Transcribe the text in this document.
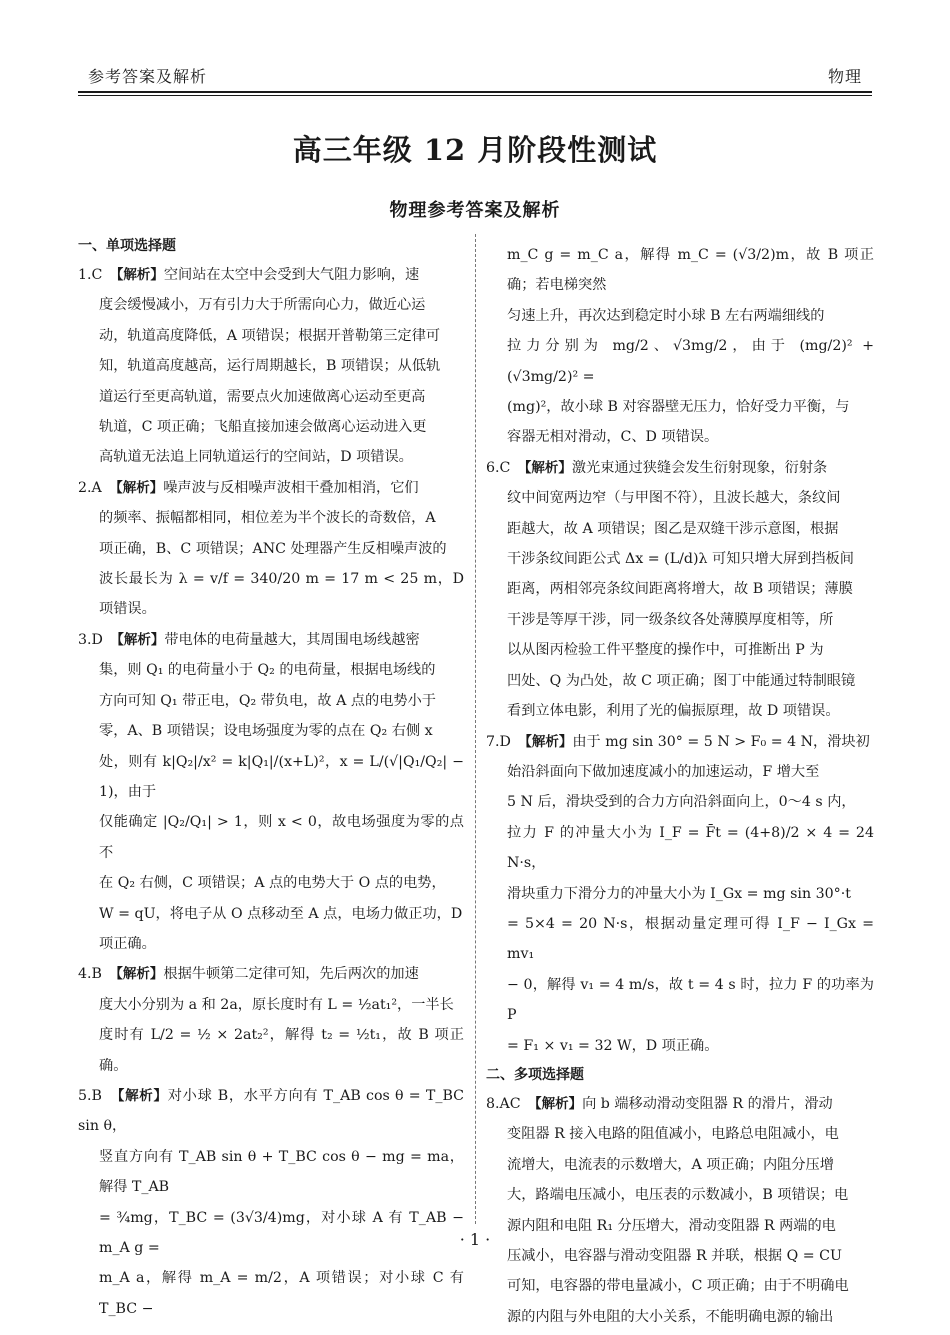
参考答案及解析	物理
高三年级 12 月阶段性测试
物理参考答案及解析
一、单项选择题

1.C　【解析】空间站在太空中会受到大气阻力影响，速

度会缓慢减小，万有引力大于所需向心力，做近心运

动，轨道高度降低，A 项错误；根据开普勒第三定律可

知，轨道高度越高，运行周期越长，B 项错误；从低轨

道运行至更高轨道，需要点火加速做离心运动至更高

轨道，C 项正确；飞船直接加速会做离心运动进入更

高轨道无法追上同轨道运行的空间站，D 项错误。

2.A　【解析】噪声波与反相噪声波相干叠加相消，它们

的频率、振幅都相同，相位差为半个波长的奇数倍，A

项正确，B、C 项错误；ANC 处理器产生反相噪声波的

波长最长为 λ = v/f = 340/20 m = 17 m < 25 m，D 项错误。

3.D　【解析】带电体的电荷量越大，其周围电场线越密

集，则 Q₁ 的电荷量小于 Q₂ 的电荷量，根据电场线的

方向可知 Q₁ 带正电，Q₂ 带负电，故 A 点的电势小于

零，A、B 项错误；设电场强度为零的点在 Q₂ 右侧 x

处，则有 k|Q₂|/x² = k|Q₁|/(x+L)²，x = L/(√|Q₁/Q₂| − 1)，由于

仅能确定 |Q₂/Q₁| > 1，则 x < 0，故电场强度为零的点不

在 Q₂ 右侧，C 项错误；A 点的电势大于 O 点的电势，

W = qU，将电子从 O 点移动至 A 点，电场力做正功，D

项正确。

4.B　【解析】根据牛顿第二定律可知，先后两次的加速

度大小分别为 a 和 2a，原长度时有 L = ½at₁²，一半长

度时有 L/2 = ½ × 2at₂²，解得 t₂ = ½t₁，故 B 项正确。

5.B　【解析】对小球 B，水平方向有 T_AB cos θ = T_BC sin θ，

竖直方向有 T_AB sin θ + T_BC cos θ − mg = ma，解得 T_AB

= ¾mg，T_BC = (3√3/4)mg，对小球 A 有 T_AB − m_A g =

m_A a，解得 m_A = m/2，A 项错误；对小球 C 有 T_BC −

m_C g = m_C a，解得 m_C = (√3/2)m，故 B 项正确；若电梯突然

匀速上升，再次达到稳定时小球 B 左右两端细线的

拉力分别为 mg/2、√3mg/2，由于 (mg/2)² + (√3mg/2)² =

(mg)²，故小球 B 对容器壁无压力，恰好受力平衡，与

容器无相对滑动，C、D 项错误。

6.C　【解析】激光束通过狭缝会发生衍射现象，衍射条

纹中间宽两边窄（与甲图不符），且波长越大，条纹间

距越大，故 A 项错误；图乙是双缝干涉示意图，根据

干涉条纹间距公式 Δx = (L/d)λ 可知只增大屏到挡板间

距离，两相邻亮条纹间距离将增大，故 B 项错误；薄膜

干涉是等厚干涉，同一级条纹各处薄膜厚度相等，所

以从图丙检验工件平整度的操作中，可推断出 P 为

凹处、Q 为凸处，故 C 项正确；图丁中能通过特制眼镜

看到立体电影，利用了光的偏振原理，故 D 项错误。

7.D　【解析】由于 mg sin 30° = 5 N > F₀ = 4 N，滑块初

始沿斜面向下做加速度减小的加速运动，F 增大至

5 N 后，滑块受到的合力方向沿斜面向上，0～4 s 内，

拉力 F 的冲量大小为 I_F = F̄t = (4+8)/2 × 4 = 24 N·s，

滑块重力下滑分力的冲量大小为 I_Gx = mg sin 30°·t

= 5×4 = 20 N·s，根据动量定理可得 I_F − I_Gx = mv₁

− 0，解得 v₁ = 4 m/s，故 t = 4 s 时，拉力 F 的功率为 P

= F₁ × v₁ = 32 W，D 项正确。

二、多项选择题

8.AC　【解析】向 b 端移动滑动变阻器 R 的滑片，滑动

变阻器 R 接入电路的阻值减小，电路总电阻减小，电

流增大，电流表的示数增大，A 项正确；内阻分压增

大，路端电压减小，电压表的示数减小，B 项错误；电

源内阻和电阻 R₁ 分压增大，滑动变阻器 R 两端的电

压减小，电容器与滑动变阻器 R 并联，根据 Q = CU

可知，电容器的带电量减小，C 项正确；由于不明确电

源的内阻与外电阻的大小关系，不能明确电源的输出

· 1 ·
